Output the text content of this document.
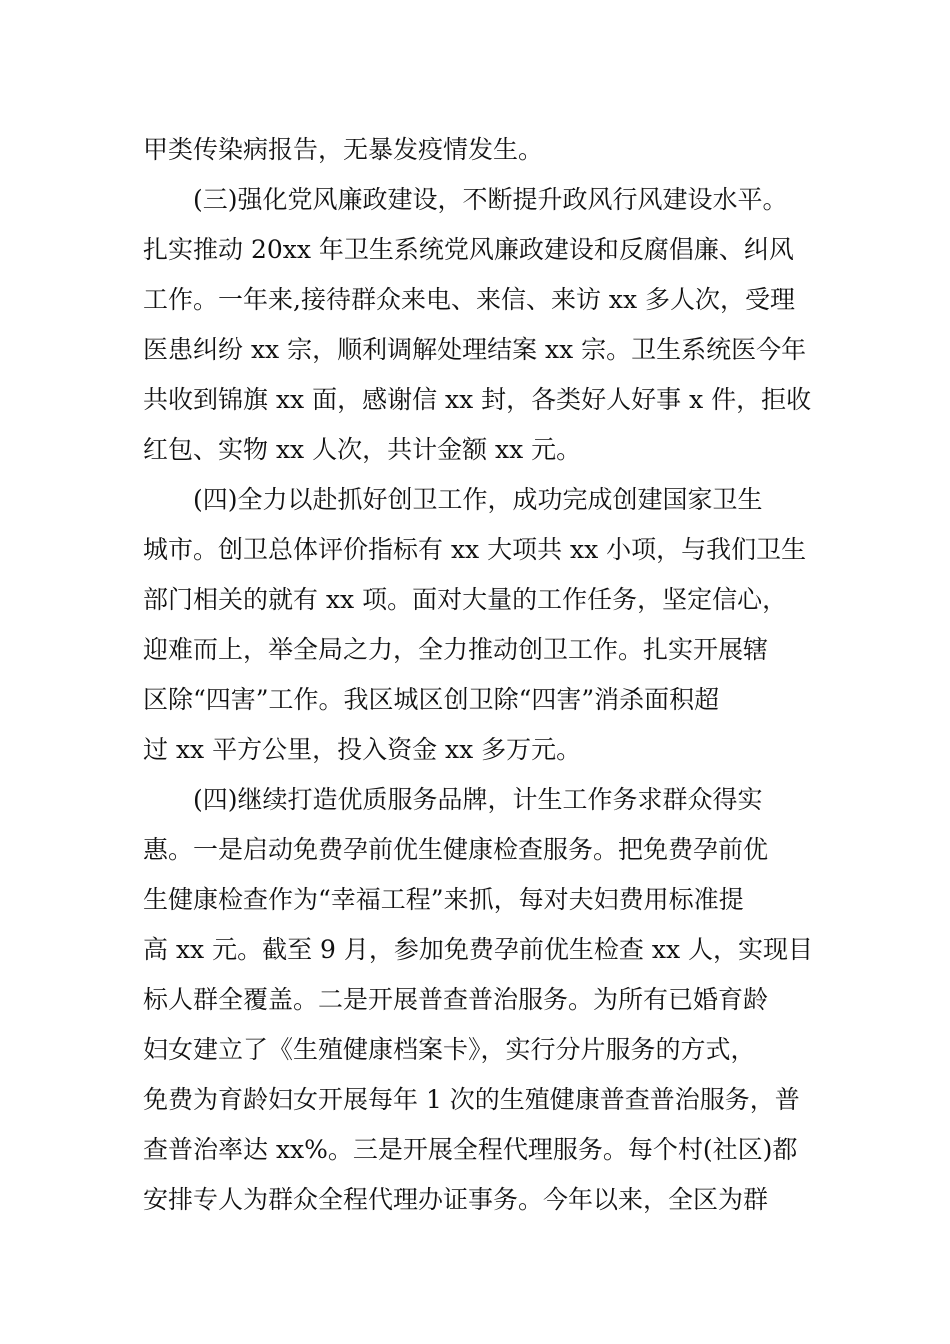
甲类传染病报告，无暴发疫情发生。
(三)强化党风廉政建设，不断提升政风行风建设水平。
扎实推动 20xx 年卫生系统党风廉政建设和反腐倡廉、纠风
工作。一年来,接待群众来电、来信、来访 xx 多人次，受理
医患纠纷 xx 宗，顺利调解处理结案 xx 宗。卫生系统医今年
共收到锦旗 xx 面，感谢信 xx 封，各类好人好事 x 件，拒收
红包、实物 xx 人次，共计金额 xx 元。
(四)全力以赴抓好创卫工作，成功完成创建国家卫生
城市。创卫总体评价指标有 xx 大项共 xx 小项，与我们卫生
部门相关的就有 xx 项。面对大量的工作任务，坚定信心，
迎难而上，举全局之力，全力推动创卫工作。扎实开展辖
区除“四害”工作。我区城区创卫除“四害”消杀面积超
过 xx 平方公里，投入资金 xx 多万元。
(四)继续打造优质服务品牌，计生工作务求群众得实
惠。一是启动免费孕前优生健康检查服务。把免费孕前优
生健康检查作为“幸福工程”来抓，每对夫妇费用标准提
高 xx 元。截至 9 月，参加免费孕前优生检查 xx 人，实现目
标人群全覆盖。二是开展普查普治服务。为所有已婚育龄
妇女建立了《生殖健康档案卡》，实行分片服务的方式，
免费为育龄妇女开展每年 1 次的生殖健康普查普治服务，普
查普治率达 xx%。三是开展全程代理服务。每个村(社区)都
安排专人为群众全程代理办证事务。今年以来，全区为群
